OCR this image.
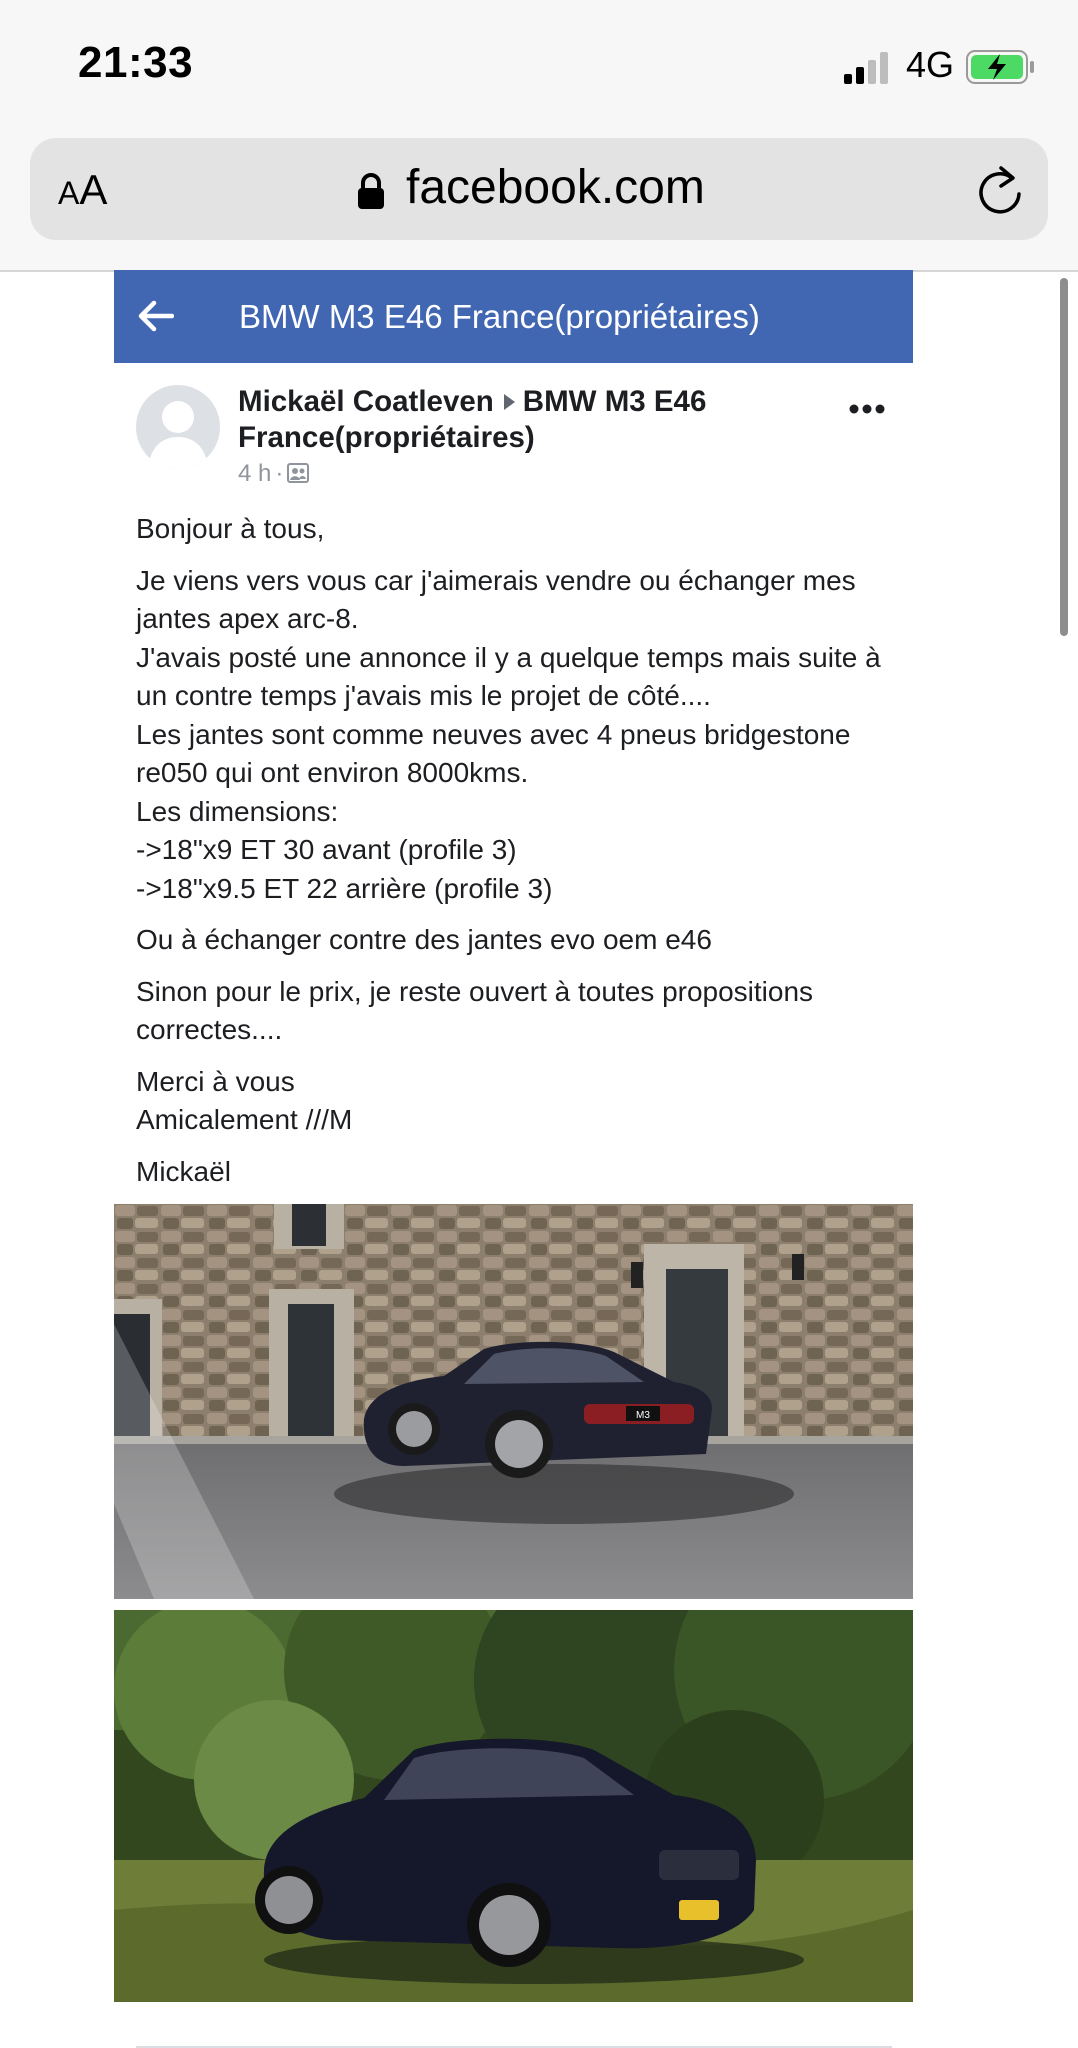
21:33	4G
AA	facebook.com
BMW M3 E46 France(propriétaires)
Mickaël Coatleven BMW M3 E46 France(propriétaires)
4 h ·

Bonjour à tous,

Je viens vers vous car j'aimerais vendre ou échanger mes jantes apex arc-8.
J'avais posté une annonce il y a quelque temps mais suite à un contre temps j'avais mis le projet de côté....
Les jantes sont comme neuves avec 4 pneus bridgestone re050 qui ont environ 8000kms.
Les dimensions:
->18"x9 ET 30 avant (profile 3)
->18"x9.5 ET 22 arrière (profile 3)

Ou à échanger contre des jantes evo oem e46

Sinon pour le prix, je reste ouvert à toutes propositions correctes....

Merci à vous
Amicalement ///M

Mickaël

M3
